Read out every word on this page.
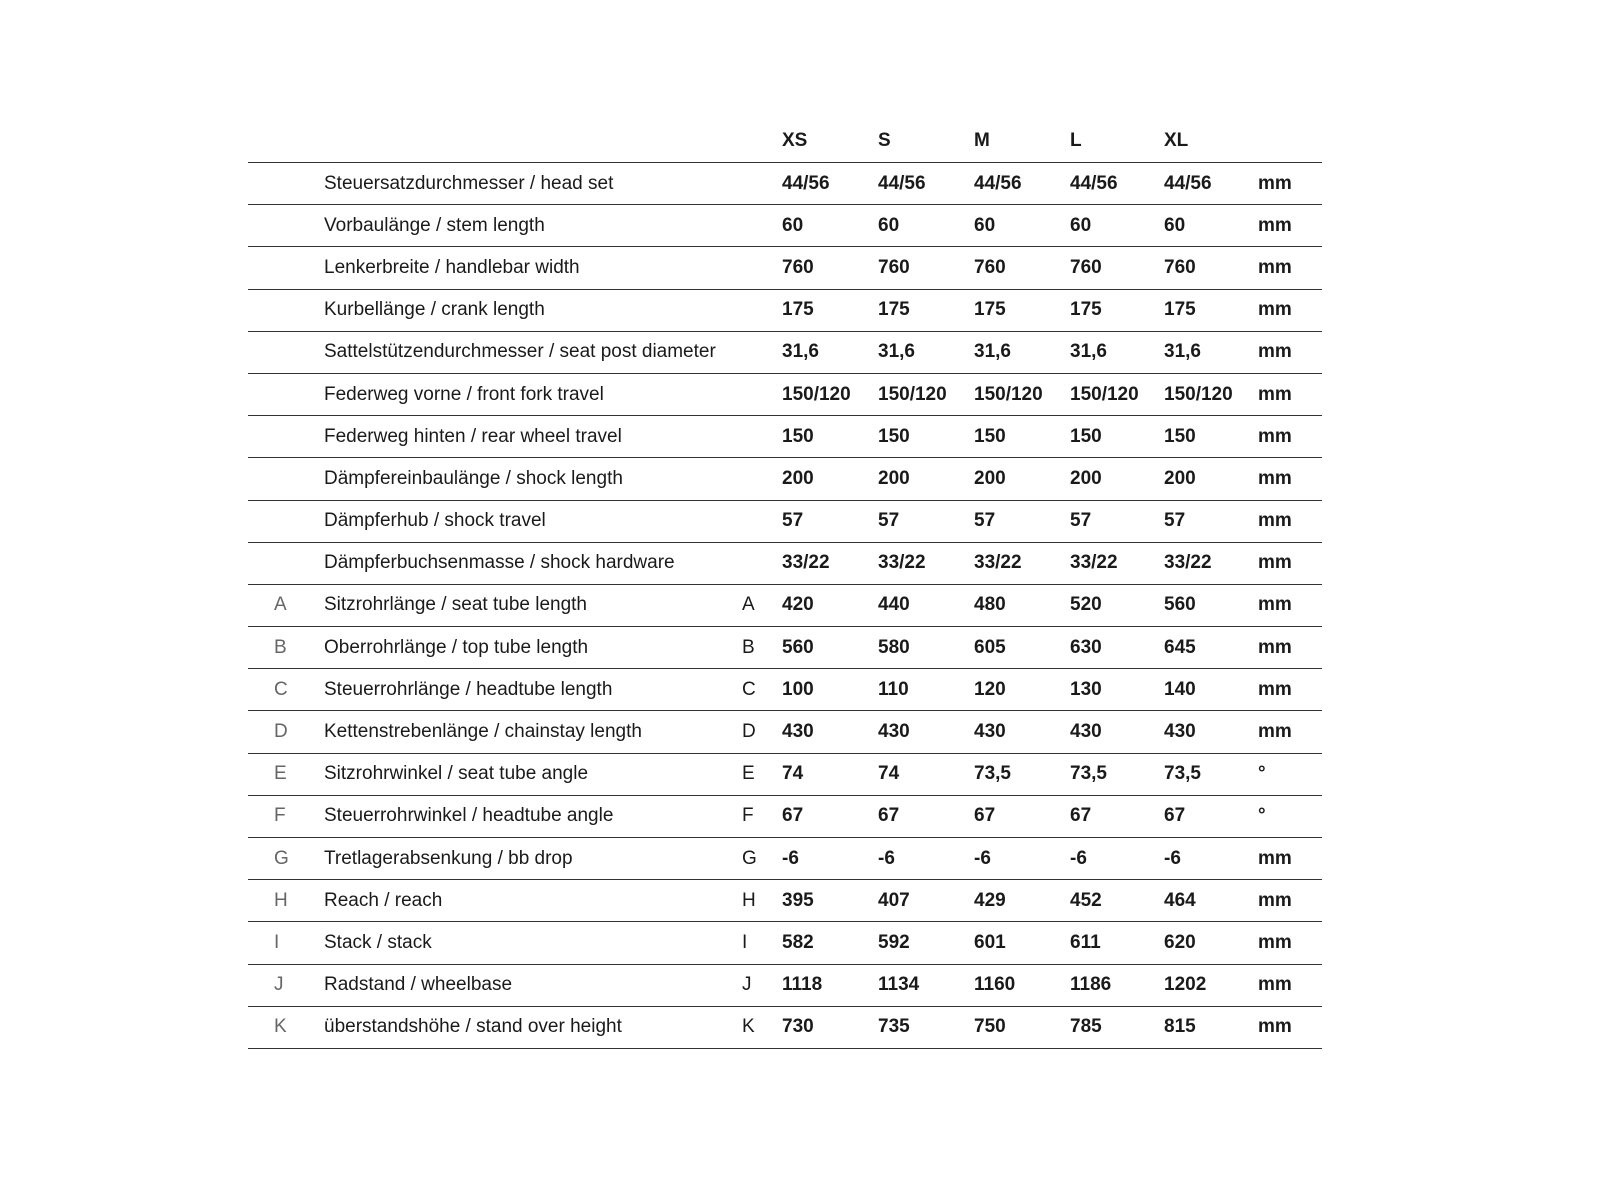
XS	S	M	L	XL
Steuersatzdurchmesser / head set	44/56	44/56	44/56	44/56 44/56 mm
Vorbaulänge / stem length	60	60	60	60	60	mm
Lenkerbreite / handlebar width	760	760	760	760	760	mm
Kurbellänge / crank length	175	175	175	175	175	mm
Sattelstützendurchmesser / seat post diameter	31,6	31,6	31,6	31,6	31,6	mm
Federweg vorne / front fork travel	150/120 150/120 150/120 150/120 150/120 mm
Federweg hinten / rear wheel travel	150	150	150	150	150	mm
Dämpfereinbaulänge / shock length	200	200	200	200	200	mm
Dämpferhub / shock travel	57	57	57	57	57	mm
Dämpferbuchsenmasse / shock hardware	33/22	33/22	33/22	33/22 33/22 mm
A	Sitzrohrlänge / seat tube length	A	420	440	480	520	560	mm
B	Oberrohrlänge / top tube length	B	560	580	605	630	645	mm
C	Steuerrohrlänge / headtube length	C	100	110	120	130	140	mm
D	Kettenstrebenlänge / chainstay length	D	430	430	430	430	430	mm
E	Sitzrohrwinkel / seat tube angle	E	74	74	73,5	73,5	73,5	°
F	Steuerrohrwinkel / headtube angle	F	67	67	67	67	67	°
G	Tretlagerabsenkung / bb drop	G	-6	-6	-6	-6	-6	mm
H	Reach / reach	H	395	407	429	452	464	mm
I	Stack / stack	I	582	592	601	611	620	mm
J	Radstand / wheelbase	J	1118	1134	1160	1186	1202	mm
K	überstandshöhe / stand over height	K	730	735	750	785	815	mm
